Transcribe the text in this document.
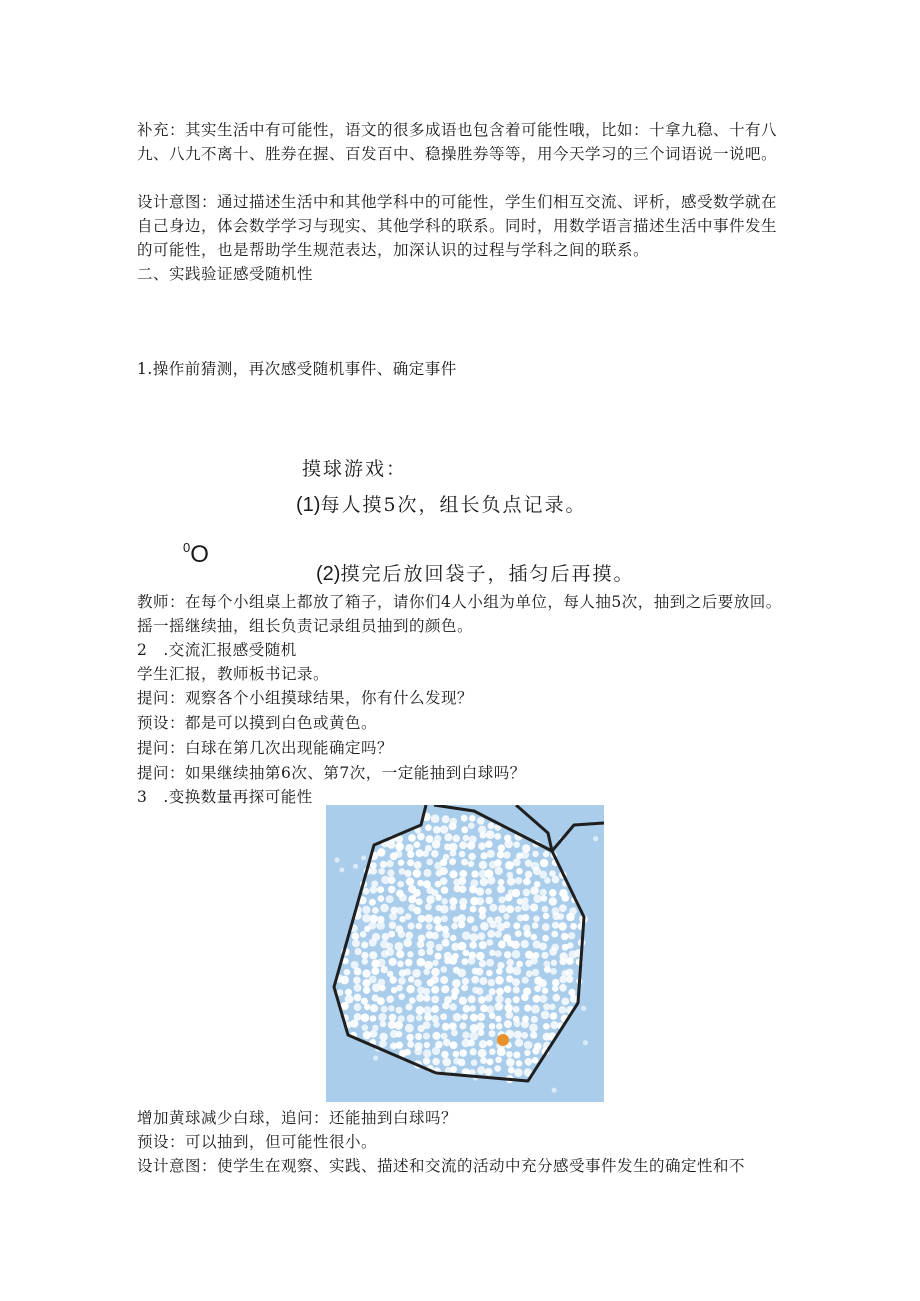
补充：其实生活中有可能性，语文的很多成语也包含着可能性哦，比如：十拿九稳、十有八九、八九不离十、胜券在握、百发百中、稳操胜券等等，用今天学习的三个词语说一说吧。

设计意图：通过描述生活中和其他学科中的可能性，学生们相互交流、评析，感受数学就在自己身边，体会数学学习与现实、其他学科的联系。同时，用数学语言描述生活中事件发生的可能性，也是帮助学生规范表达，加深认识的过程与学科之间的联系。

二、实践验证感受随机性
1.操作前猜测，再次感受随机事件、确定事件
摸球游戏：
(1)每人摸5次，组长负点记录。
$^0$O
(2)摸完后放回袋子，插匀后再摸。

教师：在每个小组桌上都放了箱子，请你们4人小组为单位，每人抽5次，抽到之后要放回。摇一摇继续抽，组长负责记录组员抽到的颜色。

2　.交流汇报感受随机
学生汇报，教师板书记录。
提问：观察各个小组摸球结果，你有什么发现？
预设：都是可以摸到白色或黄色。
提问：白球在第几次出现能确定吗？
提问：如果继续抽第6次、第7次，一定能抽到白球吗？
3　.变换数量再探可能性
增加黄球减少白球，追问：还能抽到白球吗？
预设：可以抽到，但可能性很小。
设计意图：使学生在观察、实践、描述和交流的活动中充分感受事件发生的确定性和不
